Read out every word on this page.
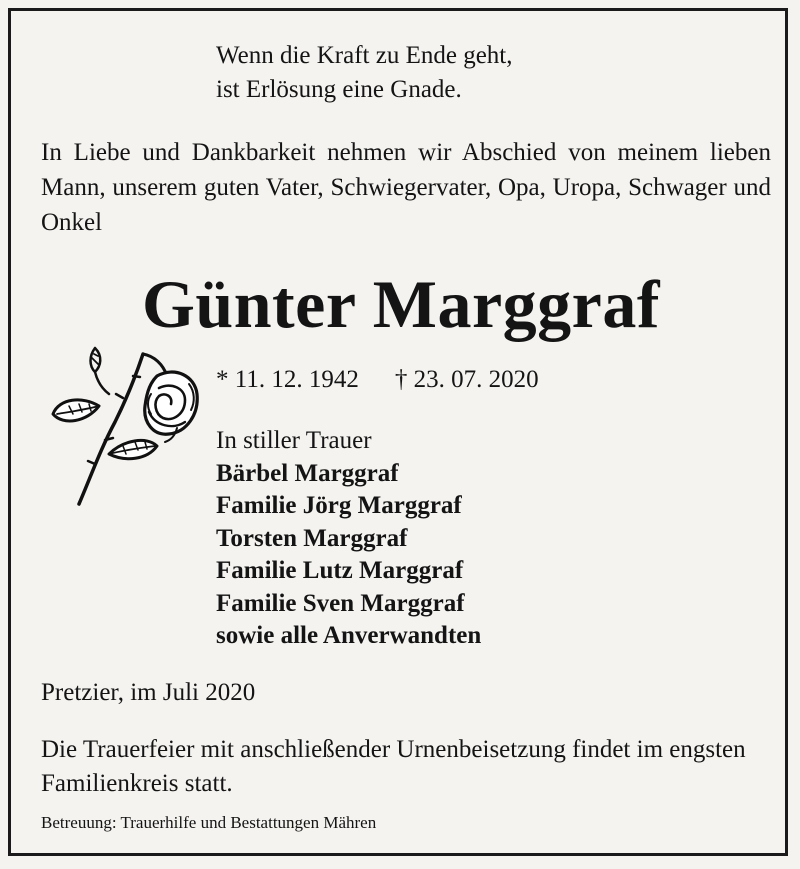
Wenn die Kraft zu Ende geht,
ist Erlösung eine Gnade.
In Liebe und Dankbarkeit nehmen wir Abschied von meinem lieben Mann, unserem guten Vater, Schwiegervater, Opa, Uropa, Schwager und Onkel
Günter Marggraf
* 11. 12. 1942 † 23. 07. 2020
In stiller Trauer
Bärbel Marggraf
Familie Jörg Marggraf
Torsten Marggraf
Familie Lutz Marggraf
Familie Sven Marggraf
sowie alle Anverwandten
Pretzier, im Juli 2020
Die Trauerfeier mit anschließender Urnenbeisetzung findet im engsten Familienkreis statt.
Betreuung: Trauerhilfe und Bestattungen Mähren
